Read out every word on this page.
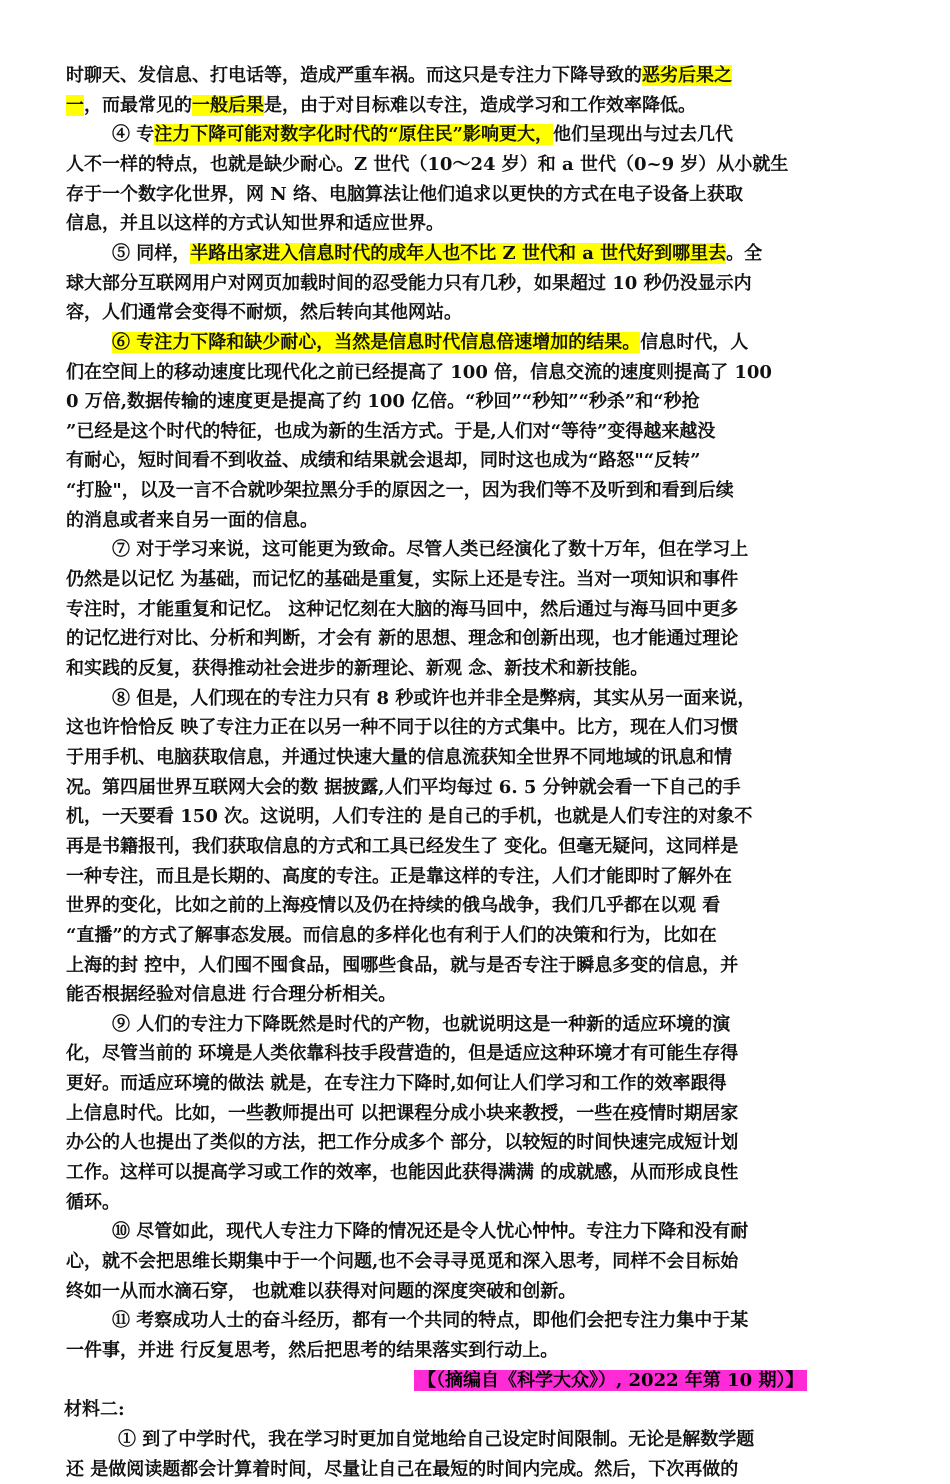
时聊天、发信息、打电话等，造成严重车祸。而这只是专注力下降导致的恶劣后果之
一，而最常见的一般后果是，由于对目标难以专注，造成学习和工作效率降低。
④ 专注力下降可能对数字化时代的“原住民”影响更大，他们呈现出与过去几代
人不一样的特点，也就是缺少耐心。Z 世代（10～24 岁）和 a 世代（0~9 岁）从小就生
存于一个数字化世界，网 N 络、电脑算法让他们追求以更快的方式在电子设备上获取
信息，并且以这样的方式认知世界和适应世界。
⑤ 同样，半路出家进入信息时代的成年人也不比 Z 世代和 a 世代好到哪里去。全
球大部分互联网用户对网页加载时间的忍受能力只有几秒，如果超过 10 秒仍没显示内
容，人们通常会变得不耐烦，然后转向其他网站。
⑥ 专注力下降和缺少耐心，当然是信息时代信息倍速增加的结果。信息时代，人
们在空间上的移动速度比现代化之前已经提高了 100 倍，信息交流的速度则提高了 100
0 万倍,数据传输的速度更是提高了约 100 亿倍。“秒回”“秒知”“秒杀”和“秒抢
”已经是这个时代的特征，也成为新的生活方式。于是,人们对“等待”变得越来越没
有耐心，短时间看不到收益、成绩和结果就会退却，同时这也成为“路怒"“反转”
“打脸"，以及一言不合就吵架拉黑分手的原因之一，因为我们等不及听到和看到后续
的消息或者来自另一面的信息。
⑦ 对于学习来说，这可能更为致命。尽管人类已经演化了数十万年，但在学习上
仍然是以记忆 为基础，而记忆的基础是重复，实际上还是专注。当对一项知识和事件
专注时，才能重复和记忆。 这种记忆刻在大脑的海马回中，然后通过与海马回中更多
的记忆进行对比、分析和判断，才会有 新的思想、理念和创新出现，也才能通过理论
和实践的反复，获得推动社会进步的新理论、新观 念、新技术和新技能。
⑧ 但是，人们现在的专注力只有 8 秒或许也并非全是弊病，其实从另一面来说，
这也许恰恰反 映了专注力正在以另一种不同于以往的方式集中。比方，现在人们习惯
于用手机、电脑获取信息，并通过快速大量的信息流获知全世界不同地域的讯息和情
况。第四届世界互联网大会的数 据披露,人们平均每过 6. 5 分钟就会看一下自己的手
机，一天要看 150 次。这说明，人们专注的 是自己的手机，也就是人们专注的对象不
再是书籍报刊，我们获取信息的方式和工具已经发生了 变化。但毫无疑问，这同样是
一种专注，而且是长期的、高度的专注。正是靠这样的专注，人们才能即时了解外在
世界的变化，比如之前的上海疫情以及仍在持续的俄乌战争，我们几乎都在以观 看
“直播”的方式了解事态发展。而信息的多样化也有利于人们的决策和行为，比如在
上海的封 控中，人们囤不囤食品，囤哪些食品，就与是否专注于瞬息多变的信息，并
能否根据经验对信息进 行合理分析相关。
⑨ 人们的专注力下降既然是时代的产物，也就说明这是一种新的适应环境的演
化，尽管当前的 环境是人类依靠科技手段营造的，但是适应这种环境才有可能生存得
更好。而适应环境的做法 就是，在专注力下降时,如何让人们学习和工作的效率跟得
上信息时代。比如，一些教师提出可 以把课程分成小块来教授，一些在疫情时期居家
办公的人也提出了类似的方法，把工作分成多个 部分，以较短的时间快速完成短计划
工作。这样可以提高学习或工作的效率，也能因此获得满满 的成就感，从而形成良性
循环。
⑩ 尽管如此，现代人专注力下降的情况还是令人忧心忡忡。专注力下降和没有耐
心，就不会把思维长期集中于一个问题,也不会寻寻觅觅和深入思考，同样不会目标始
终如一从而水滴石穿， 也就难以获得对问题的深度突破和创新。
⑪ 考察成功人士的奋斗经历，都有一个共同的特点，即他们会把专注力集中于某
一件事，并进 行反复思考，然后把思考的结果落实到行动上。
【（摘编自《科学大众》）, 2022 年第 10 期）】
材料二:
① 到了中学时代，我在学习时更加自觉地给自己设定时间限制。无论是解数学题
还 是做阅读题都会计算着时间，尽量让自己在最短的时间内完成。然后，下次再做的
